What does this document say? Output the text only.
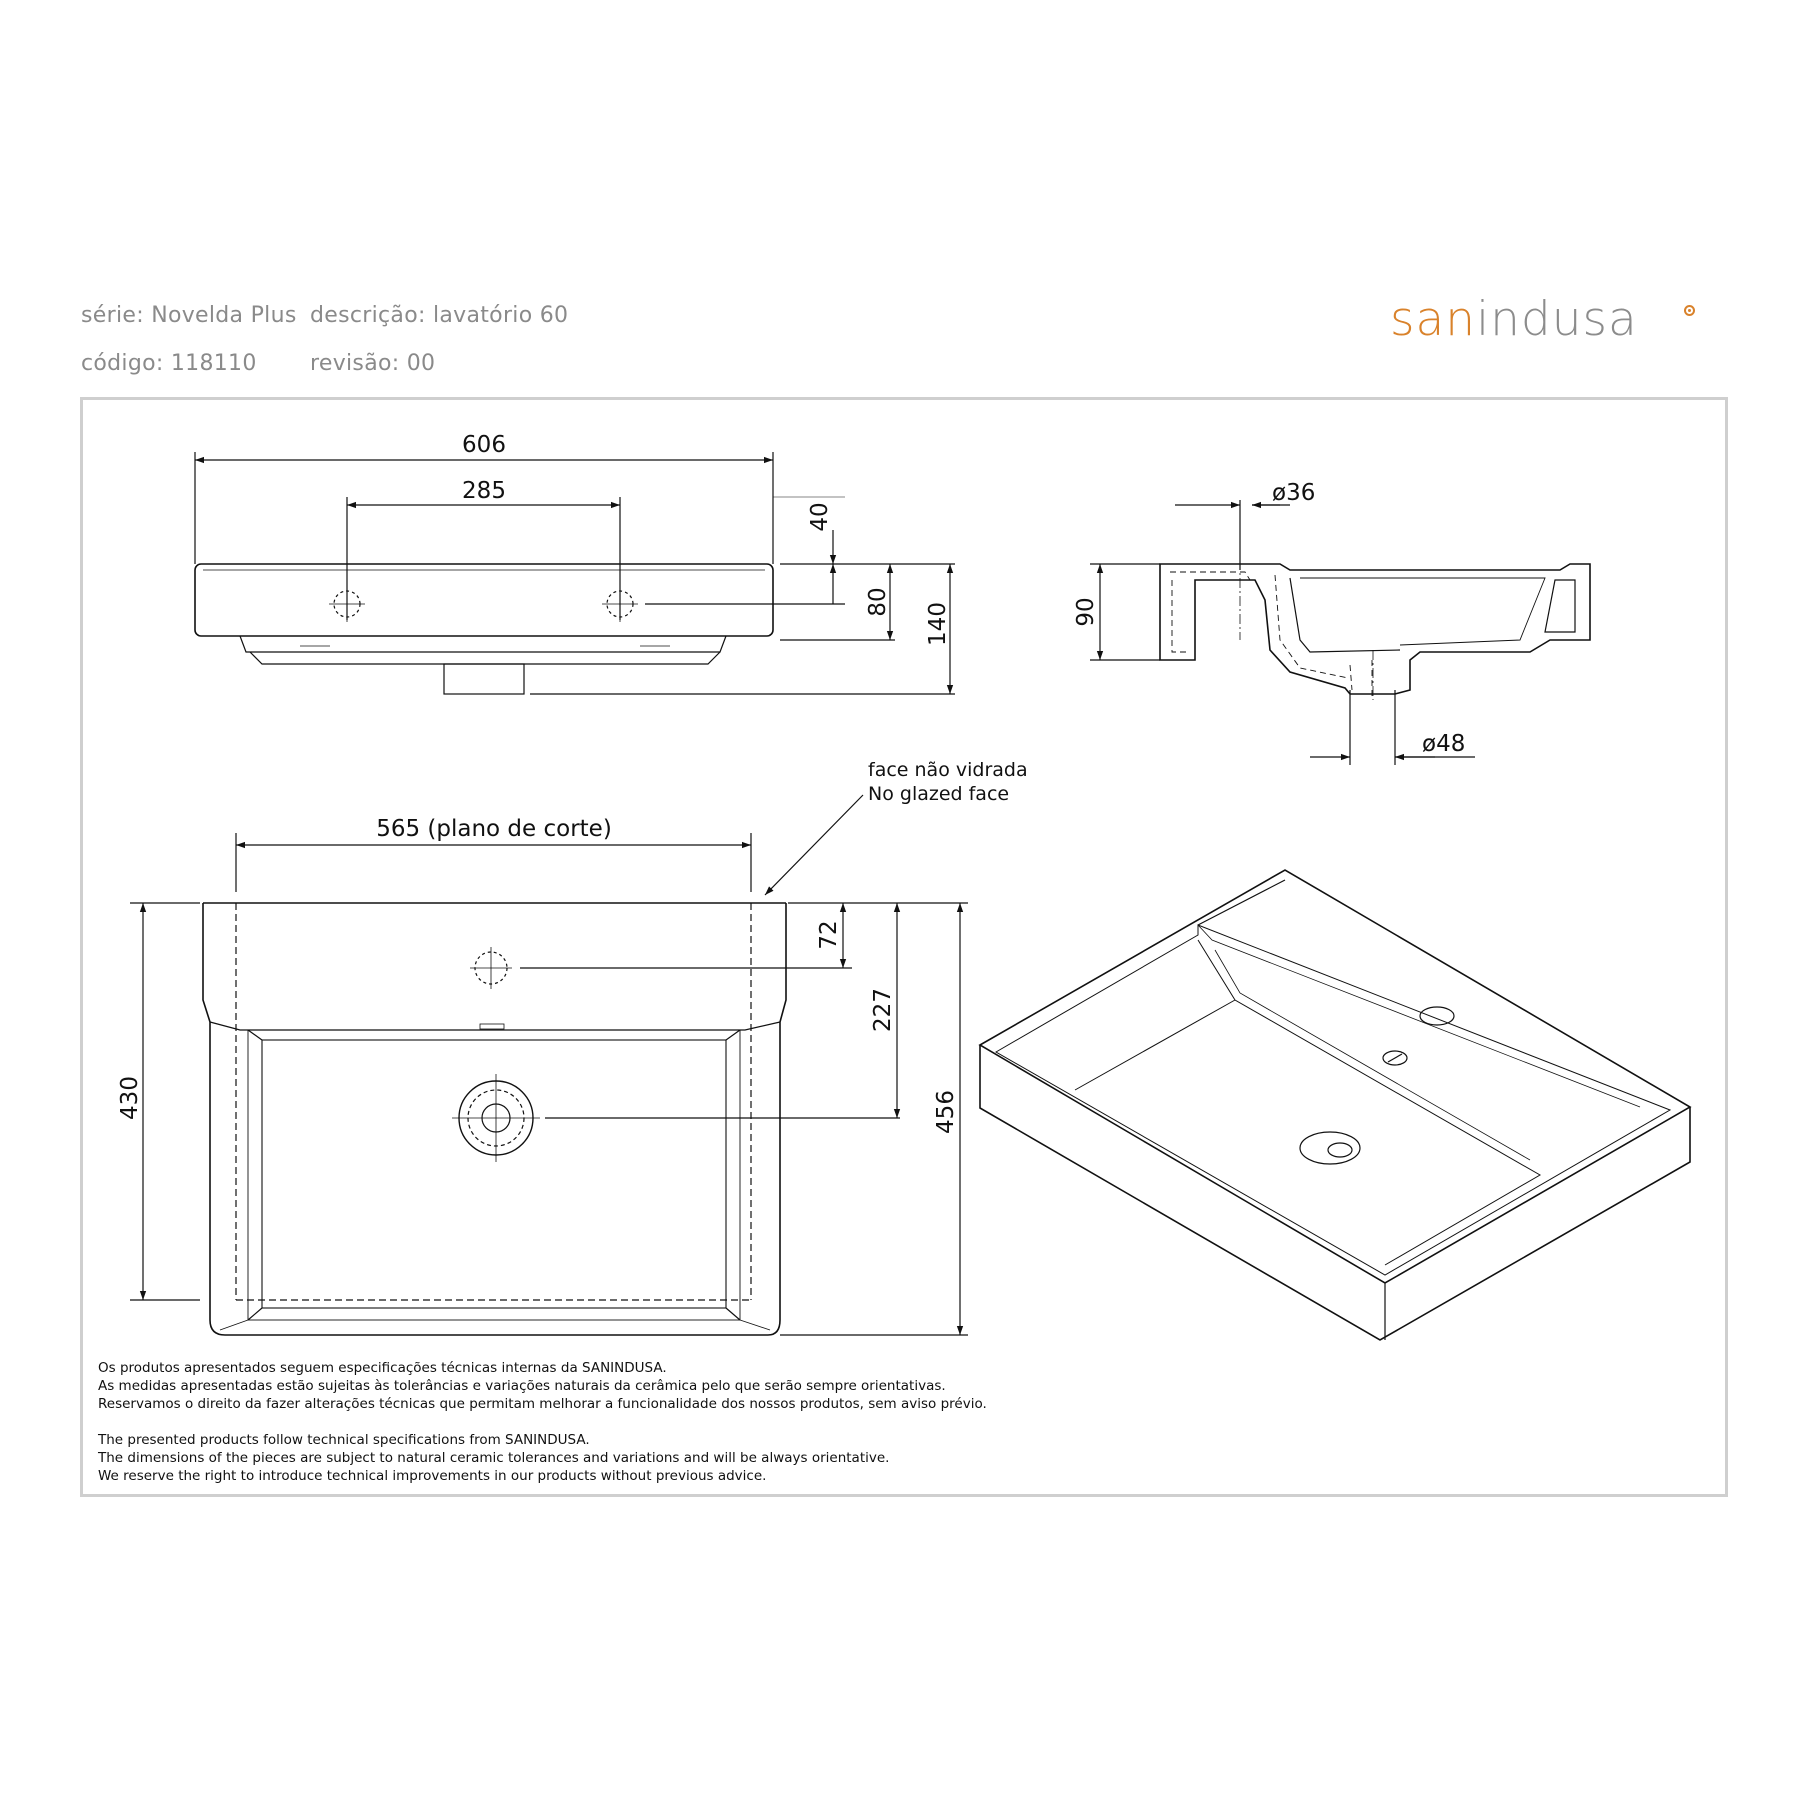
série: Novelda Plus descrição: lavatório 60
código: 118110 revisão: 00
sanindusa
606
285
40
80
140
ø36
90
ø48
565 (plano de corte)
72
227
430	456
face não vidrada
No glazed face
Os produtos apresentados seguem especificações técnicas internas da SANINDUSA.
As medidas apresentadas estão sujeitas às tolerâncias e variações naturais da cerâmica pelo que serão sempre orientativas.
Reservamos o direito da fazer alterações técnicas que permitam melhorar a funcionalidade dos nossos produtos, sem aviso prévio.
The presented products follow technical specifications from SANINDUSA.
The dimensions of the pieces are subject to natural ceramic tolerances and variations and will be always orientative.
We reserve the right to introduce technical improvements in our products without previous advice.
